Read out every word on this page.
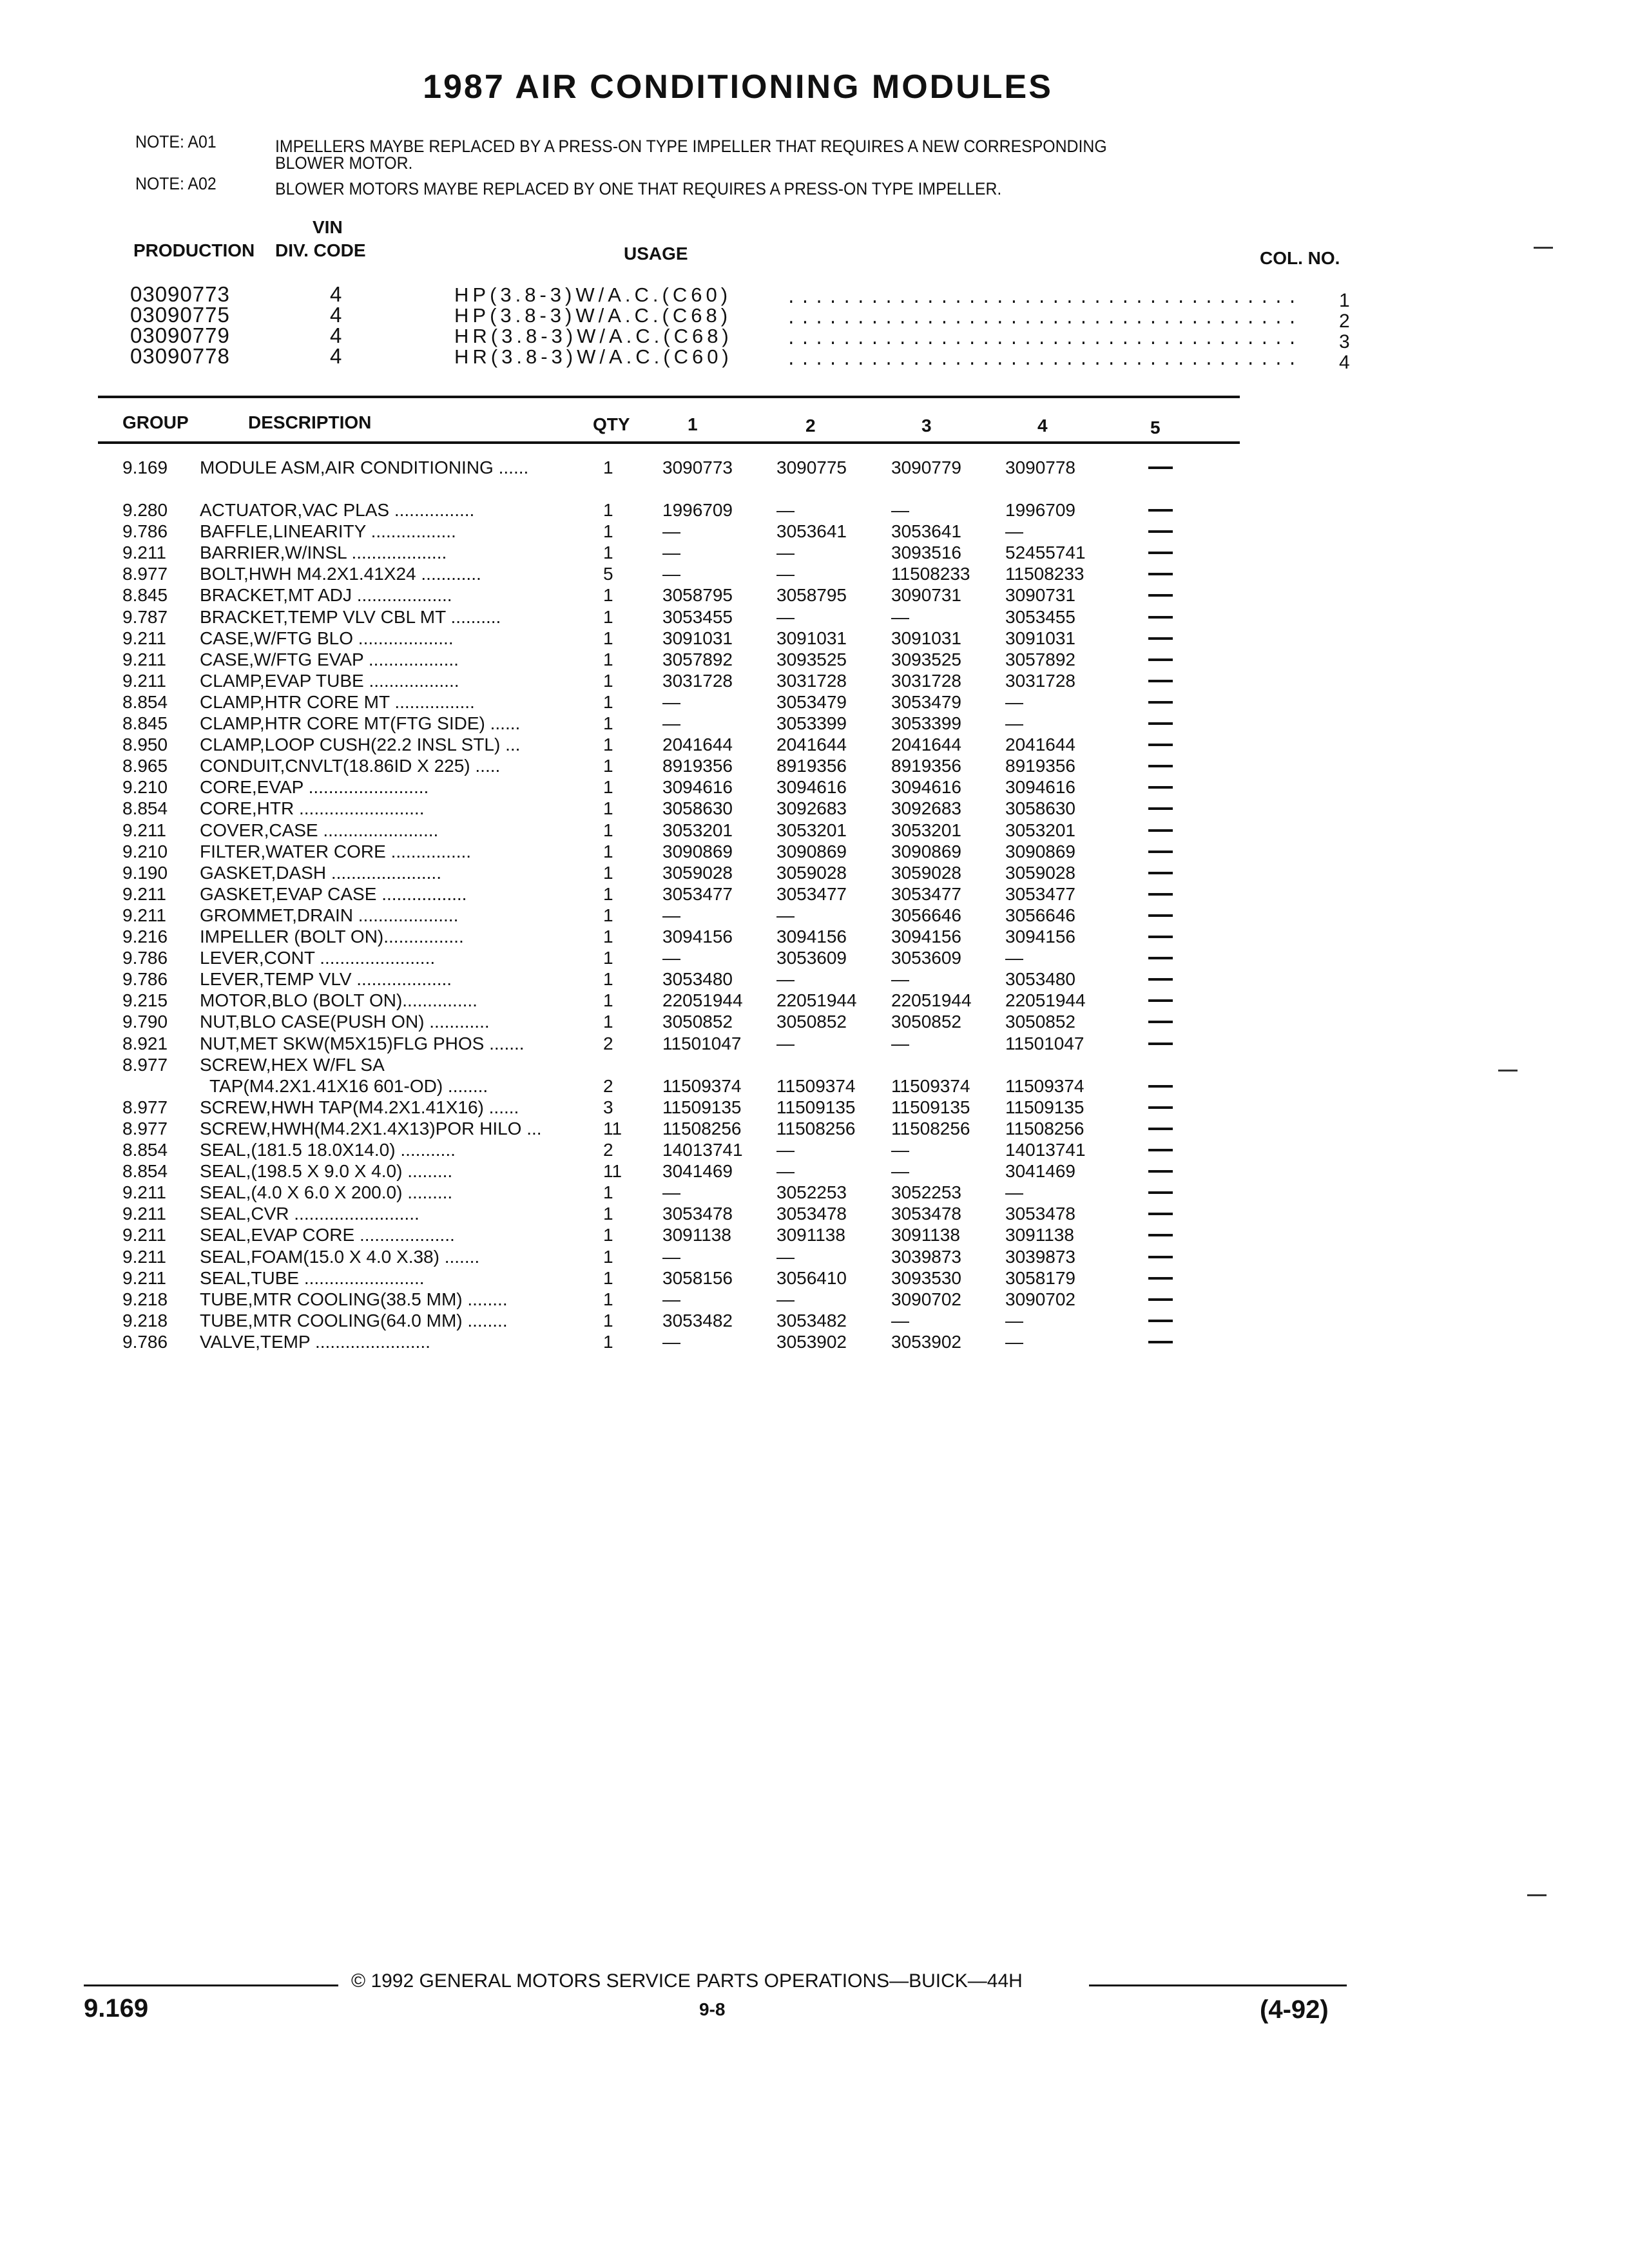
1987 AIR CONDITIONING MODULES
NOTE: A01	IMPELLERS MAYBE REPLACED BY A PRESS-ON TYPE IMPELLER THAT REQUIRES A NEW CORRESPONDING
BLOWER MOTOR.
NOTE: A02	BLOWER MOTORS MAYBE REPLACED BY ONE THAT REQUIRES A PRESS-ON TYPE IMPELLER.
VIN
PRODUCTION DIV. CODE	USAGE	COL. NO.
03090773	4	HP(3.8-3)W/A.C.(C60)	..................................... 1
03090775	4	HP(3.8-3)W/A.C.(C68)	..................................... 2
03090779	4	HR(3.8-3)W/A.C.(C68)	..................................... 3
03090778	4	HR(3.8-3)W/A.C.(C60)	..................................... 4
GROUP	DESCRIPTION	QTY	1	2	3	4	5
9.169 MODULE ASM,AIR CONDITIONING ......	1	3090773 3090775 3090779 3090778
9.280 ACTUATOR,VAC PLAS ................	1	1996709 —	—	1996709
9.786 BAFFLE,LINEARITY .................	1	—	3053641 3053641 —
9.211 BARRIER,W/INSL ...................	1	—	—	3093516 52455741
8.977 BOLT,HWH M4.2X1.41X24 ............	5	—	—	11508233 11508233
8.845 BRACKET,MT ADJ ...................	1	3058795 3058795 3090731 3090731
9.787 BRACKET,TEMP VLV CBL MT ..........	1	3053455 —	—	3053455
9.211 CASE,W/FTG BLO ...................	1	3091031 3091031 3091031 3091031
9.211 CASE,W/FTG EVAP ..................	1	3057892 3093525 3093525 3057892
9.211 CLAMP,EVAP TUBE ..................	1	3031728 3031728 3031728 3031728
8.854 CLAMP,HTR CORE MT ................	1	—	3053479 3053479 —
8.845 CLAMP,HTR CORE MT(FTG SIDE) ......	1	—	3053399 3053399 —
8.950 CLAMP,LOOP CUSH(22.2 INSL STL) ...	1	2041644 2041644 2041644 2041644
8.965 CONDUIT,CNVLT(18.86ID X 225) .....	1	8919356 8919356 8919356 8919356
9.210 CORE,EVAP ........................	1	3094616 3094616 3094616 3094616
8.854 CORE,HTR .........................	1	3058630 3092683 3092683 3058630
9.211 COVER,CASE .......................	1	3053201 3053201 3053201 3053201
9.210 FILTER,WATER CORE ................	1	3090869 3090869 3090869 3090869
9.190 GASKET,DASH ......................	1	3059028 3059028 3059028 3059028
9.211 GASKET,EVAP CASE .................	1	3053477 3053477 3053477 3053477
9.211 GROMMET,DRAIN ....................	1	—	—	3056646 3056646
9.216 IMPELLER (BOLT ON)................	1	3094156 3094156 3094156 3094156
9.786 LEVER,CONT .......................	1	—	3053609 3053609 —
9.786 LEVER,TEMP VLV ...................	1	3053480 —	—	3053480
9.215 MOTOR,BLO (BOLT ON)...............	1	22051944 22051944 22051944 22051944
9.790 NUT,BLO CASE(PUSH ON) ............	1	3050852 3050852 3050852 3050852
8.921 NUT,MET SKW(M5X15)FLG PHOS .......	2	11501047 —	—	11501047
8.977 SCREW,HEX W/FL SA
TAP(M4.2X1.41X16 601-OD) ........	2	11509374 11509374 11509374 11509374
8.977 SCREW,HWH TAP(M4.2X1.41X16) ......	3	11509135 11509135 11509135 11509135
8.977 SCREW,HWH(M4.2X1.4X13)POR HILO ...	11 11508256 11508256 11508256 11508256
8.854 SEAL,(181.5 18.0X14.0) ...........	2	14013741 —	—	14013741
8.854 SEAL,(198.5 X 9.0 X 4.0) .........	11 3041469 —	—	3041469
9.211 SEAL,(4.0 X 6.0 X 200.0) .........	1	—	3052253 3052253 —
9.211 SEAL,CVR .........................	1	3053478 3053478 3053478 3053478
9.211 SEAL,EVAP CORE ...................	1	3091138	3091138	3091138	3091138
9.211 SEAL,FOAM(15.0 X 4.0 X.38) .......	1	—	—	3039873 3039873
9.211 SEAL,TUBE ........................	1	3058156 3056410 3093530 3058179
9.218 TUBE,MTR COOLING(38.5 MM) ........	1	—	—	3090702 3090702
9.218 TUBE,MTR COOLING(64.0 MM) ........	1	3053482 3053482 —	—
9.786 VALVE,TEMP .......................	1	—	3053902 3053902 —
© 1992 GENERAL MOTORS SERVICE PARTS OPERATIONS—BUICK—44H
9.169	9-8	(4-92)
